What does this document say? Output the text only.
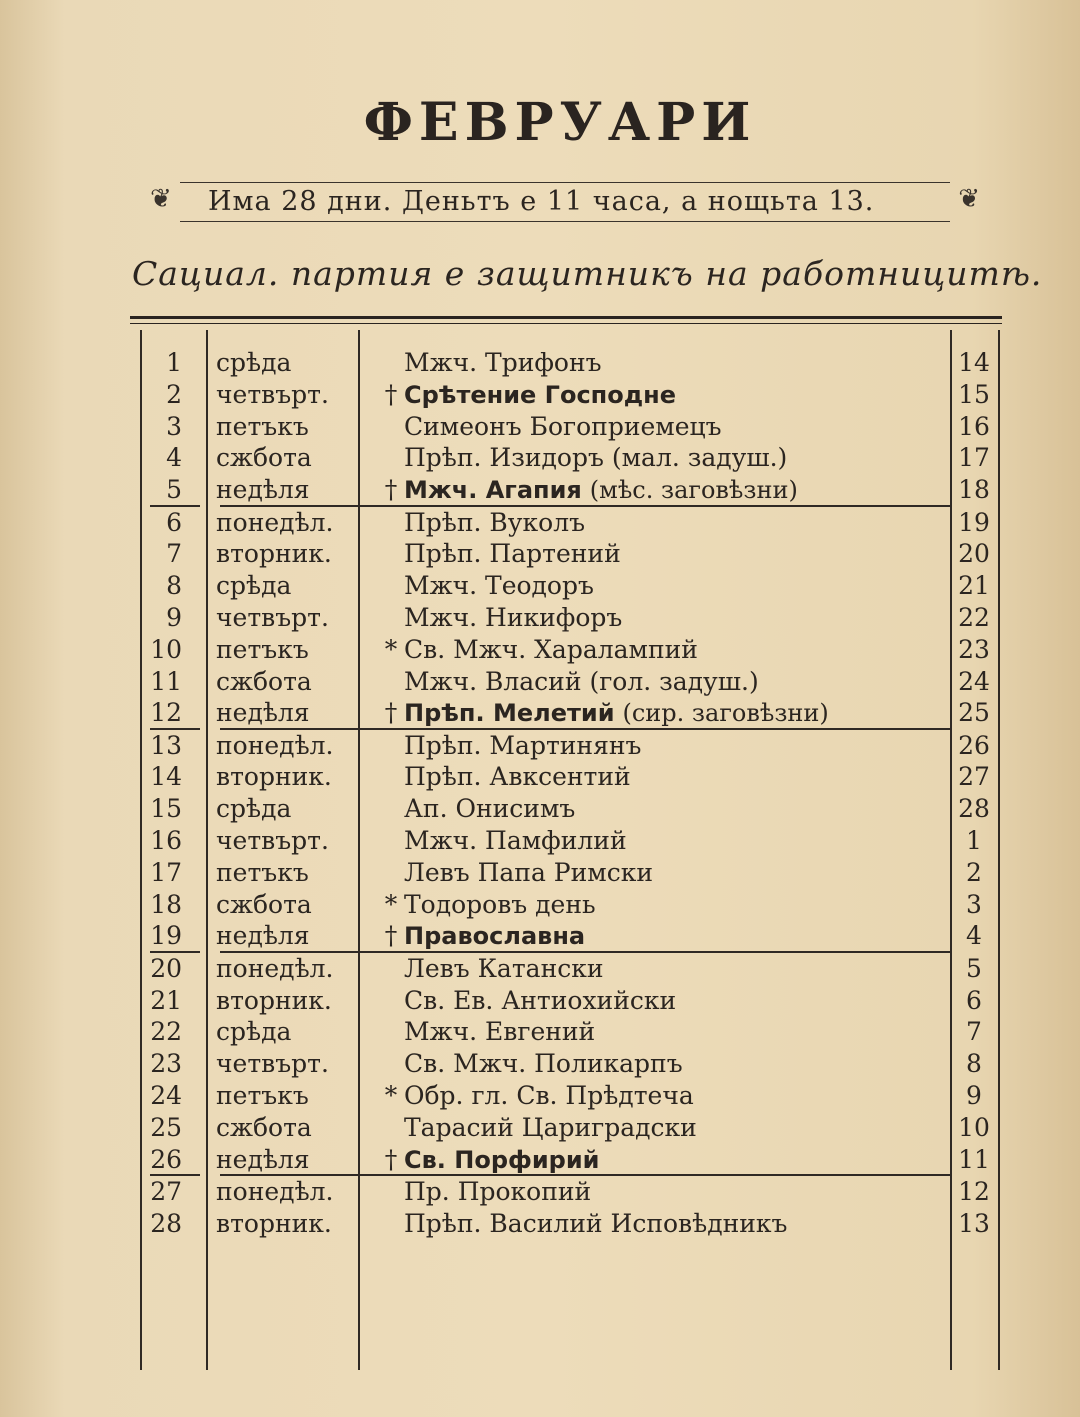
ФЕВРУАРИ
❦	❦
Има 28 дни. Деньтъ е 11 часа, а нощьта 13.
Сациал. партия е защитникъ на работницитѣ.
1 срѣда	Мжч. Трифонъ	14
2 четвърт.	† Срѣтение Господне	15
3 петъкъ	Симеонъ Богоприемецъ	16
4 сжбота	Прѣп. Изидоръ (мал. задуш.)	17
5 недѣля	† Мжч. Агапия (мѣс. заговѣзни)	18
6 понедѣл.	Прѣп. Вуколъ	19
7 вторник.	Прѣп. Партений	20
8 срѣда	Мжч. Теодоръ	21
9 четвърт.	Мжч. Никифоръ	22
10 петъкъ	* Св. Мжч. Харалампий	23
11 сжбота	Мжч. Власий (гол. задуш.)	24
12 недѣля	† Прѣп. Мелетий (сир. заговѣзни)	25
13 понедѣл.	Прѣп. Мартинянъ	26
14 вторник.	Прѣп. Авксентий	27
15 срѣда	Ап. Онисимъ	28
16 четвърт.	Мжч. Памфилий	1
17 петъкъ	Левъ Папа Римски	2
18 сжбота	* Тодоровъ день	3
19 недѣля	† Православна	4
20 понедѣл.	Левъ Катански	5
21 вторник.	Св. Ев. Антиохийски	6
22 срѣда	Мжч. Евгений	7
23 четвърт.	Св. Мжч. Поликарпъ	8
24 петъкъ	* Обр. гл. Св. Прѣдтеча	9
25 сжбота	Тарасий Цариградски	10
26 недѣля	† Св. Порфирий	11
27 понедѣл.	Пр. Прокопий	12
28 вторник.	Прѣп. Василий Исповѣдникъ	13
